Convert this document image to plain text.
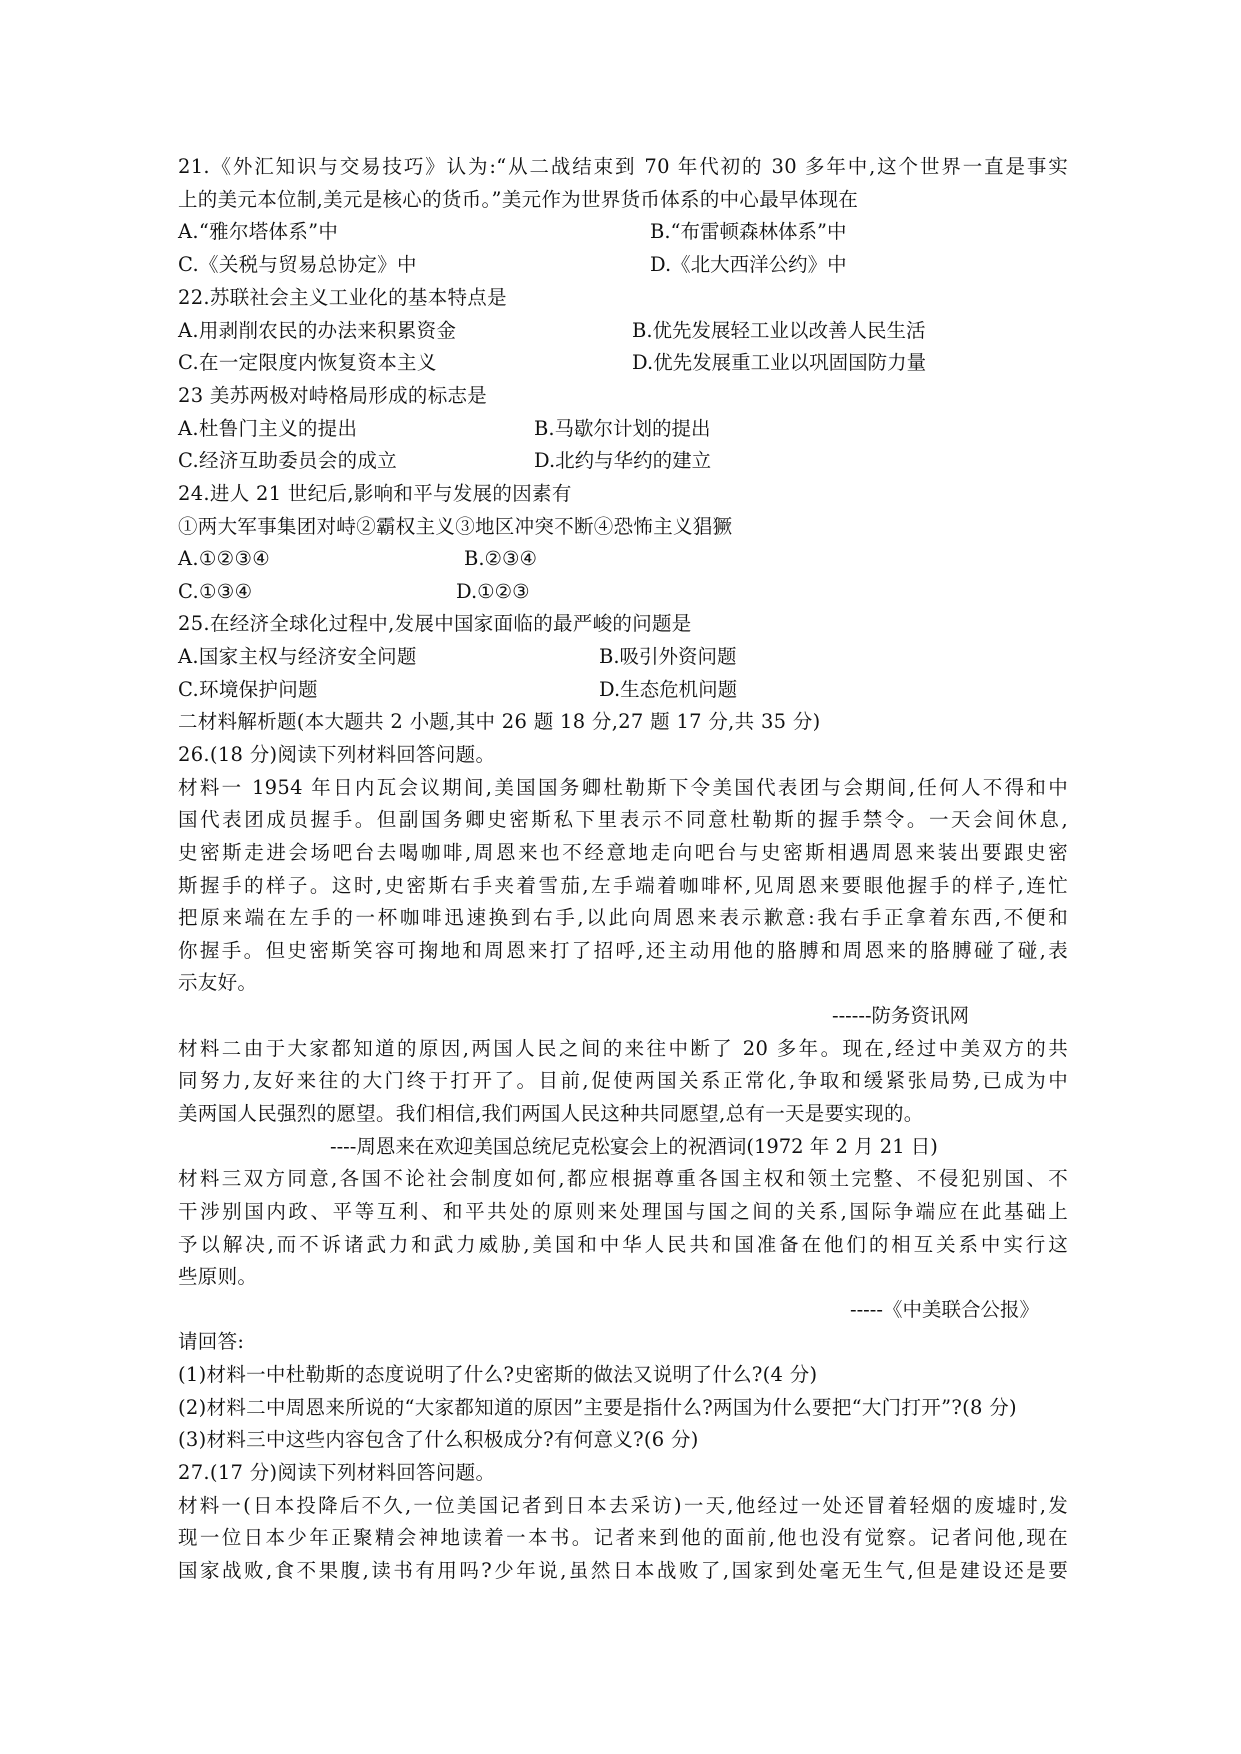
21.《外汇知识与交易技巧》认为:“从二战结束到 70 年代初的 30 多年中,这个世界一直是事实
上的美元本位制,美元是核心的货币。”美元作为世界货币体系的中心最早体现在
A.“雅尔塔体系”中	B.“布雷顿森林体系”中
C.《关税与贸易总协定》中	D.《北大西洋公约》中
22.苏联社会主义工业化的基本特点是
A.用剥削农民的办法来积累资金	B.优先发展轻工业以改善人民生活
C.在一定限度内恢复资本主义	D.优先发展重工业以巩固国防力量
23 美苏两极对峙格局形成的标志是
A.杜鲁门主义的提出	B.马歇尔计划的提出
C.经济互助委员会的成立	D.北约与华约的建立
24.进人 21 世纪后,影响和平与发展的因素有
①两大军事集团对峙②霸权主义③地区冲突不断④恐怖主义猖獗
A.①②③④	B.②③④
C.①③④	D.①②③
25.在经济全球化过程中,发展中国家面临的最严峻的问题是
A.国家主权与经济安全问题	B.吸引外资问题
C.环境保护问题	D.生态危机问题
二材料解析题(本大题共 2 小题,其中 26 题 18 分,27 题 17 分,共 35 分)
26.(18 分)阅读下列材料回答问题。
材料一 1954 年日内瓦会议期间,美国国务卿杜勒斯下令美国代表团与会期间,任何人不得和中
国代表团成员握手。但副国务卿史密斯私下里表示不同意杜勒斯的握手禁令。一天会间休息,
史密斯走进会场吧台去喝咖啡,周恩来也不经意地走向吧台与史密斯相遇周恩来装出要跟史密
斯握手的样子。这时,史密斯右手夹着雪茄,左手端着咖啡杯,见周恩来要眼他握手的样子,连忙
把原来端在左手的一杯咖啡迅速换到右手,以此向周恩来表示歉意:我右手正拿着东西,不便和
你握手。但史密斯笑容可掬地和周恩来打了招呼,还主动用他的胳膊和周恩来的胳膊碰了碰,表
示友好。
------防务资讯网
材料二由于大家都知道的原因,两国人民之间的来往中断了 20 多年。现在,经过中美双方的共
同努力,友好来往的大门终于打开了。目前,促使两国关系正常化,争取和缓紧张局势,已成为中
美两国人民强烈的愿望。我们相信,我们两国人民这种共同愿望,总有一天是要实现的。
----周恩来在欢迎美国总统尼克松宴会上的祝酒词(1972 年 2 月 21 日)
材料三双方同意,各国不论社会制度如何,都应根据尊重各国主权和领土完整、不侵犯别国、不
干涉别国内政、平等互利、和平共处的原则来处理国与国之间的关系,国际争端应在此基础上
予以解决,而不诉诸武力和武力威胁,美国和中华人民共和国准备在他们的相互关系中实行这
些原则。
-----《中美联合公报》
请回答:
(1)材料一中杜勒斯的态度说明了什么?史密斯的做法又说明了什么?(4 分)
(2)材料二中周恩来所说的“大家都知道的原因”主要是指什么?两国为什么要把“大门打开”?(8 分)
(3)材料三中这些内容包含了什么积极成分?有何意义?(6 分)
27.(17 分)阅读下列材料回答问题。
材料一(日本投降后不久,一位美国记者到日本去采访)一天,他经过一处还冒着轻烟的废墟时,发
现一位日本少年正聚精会神地读着一本书。记者来到他的面前,他也没有觉察。记者问他,现在
国家战败,食不果腹,读书有用吗?少年说,虽然日本战败了,国家到处毫无生气,但是建设还是要
